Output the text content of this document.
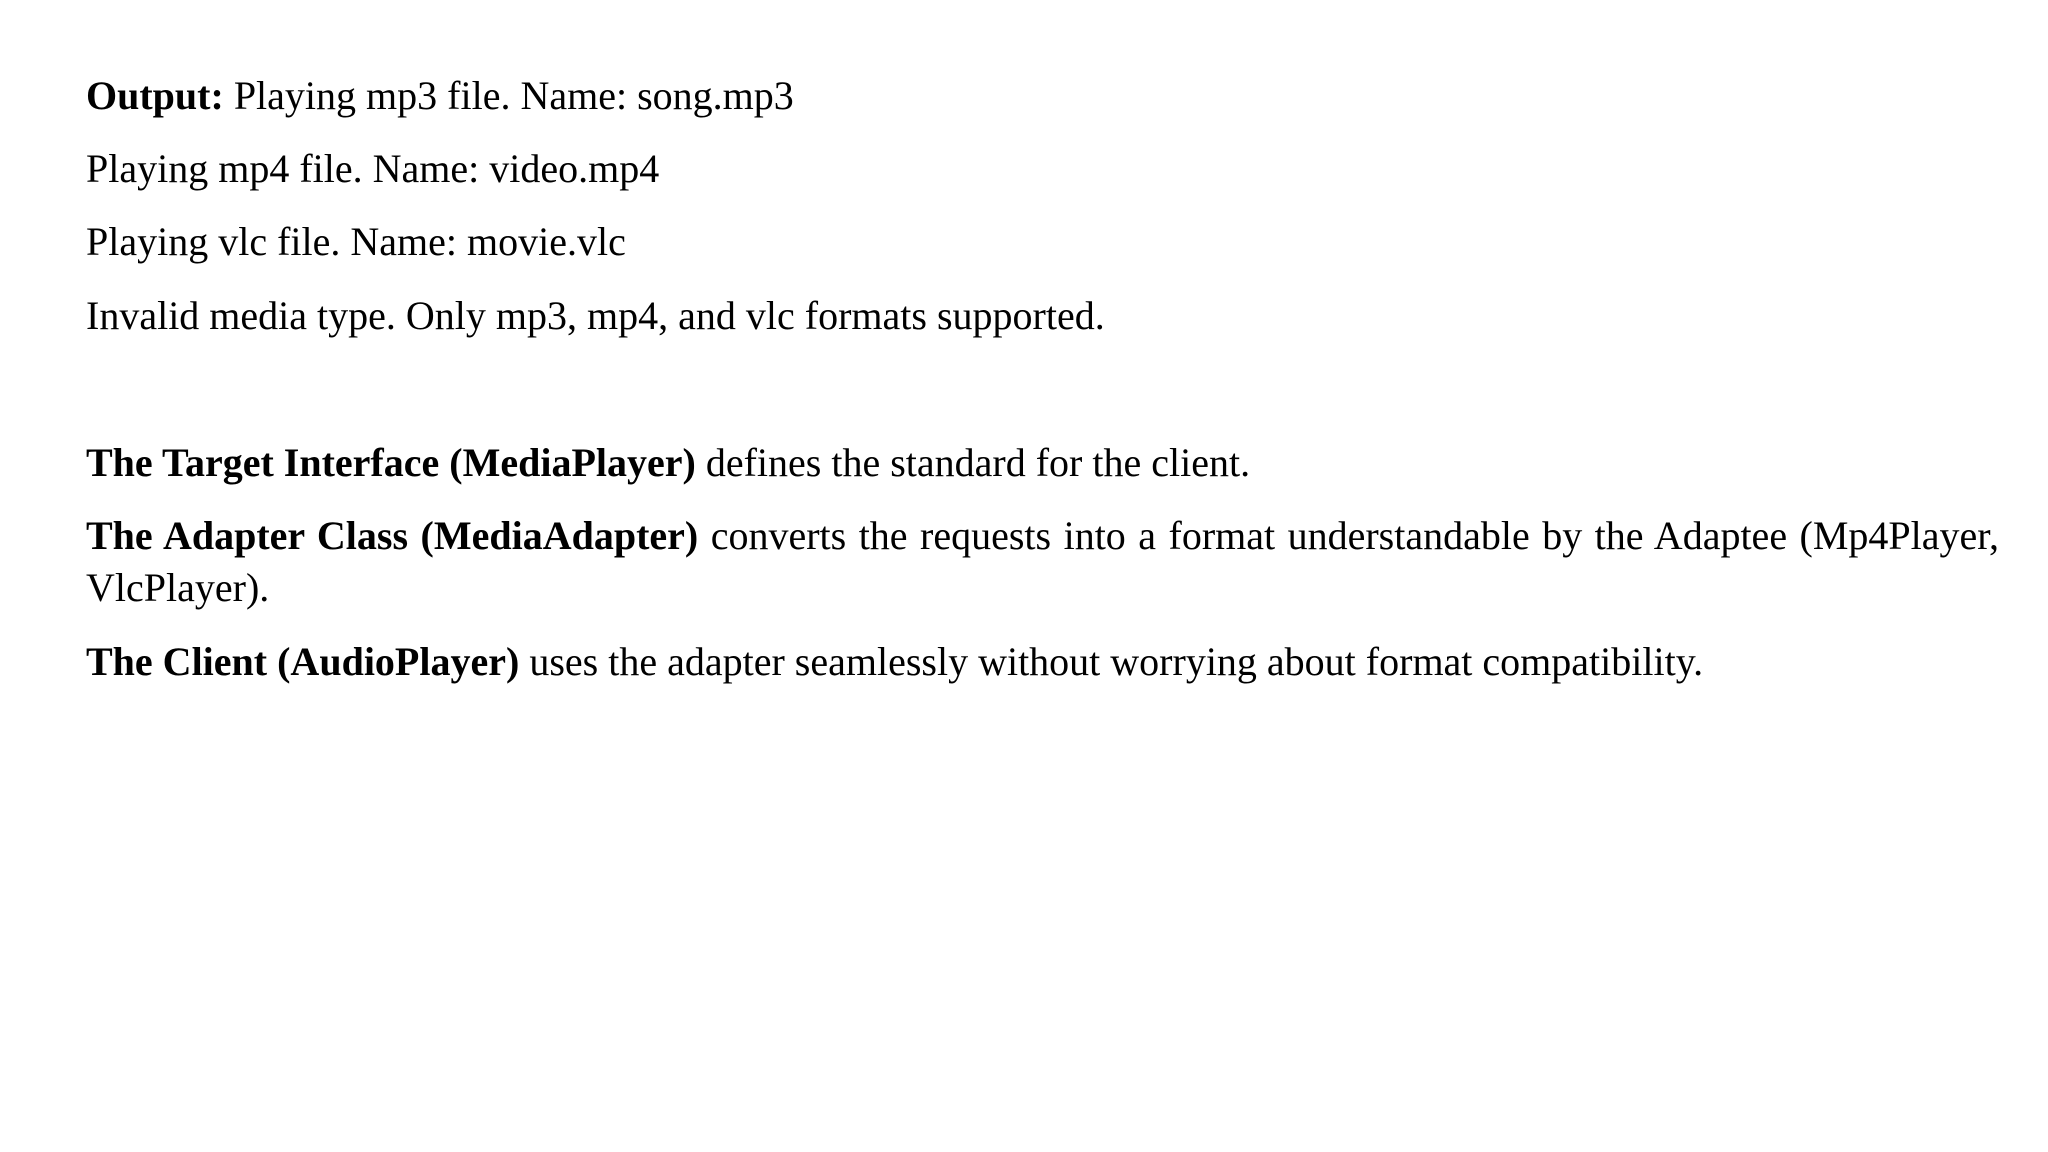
Output: Playing mp3 file. Name: song.mp3

Playing mp4 file. Name: video.mp4

Playing vlc file. Name: movie.vlc

Invalid media type. Only mp3, mp4, and vlc formats supported.

The Target Interface (MediaPlayer) defines the standard for the client.

The Adapter Class (MediaAdapter) converts the requests into a format understandable by the Adaptee (Mp4Player, VlcPlayer).

The Client (AudioPlayer) uses the adapter seamlessly without worrying about format compatibility.
